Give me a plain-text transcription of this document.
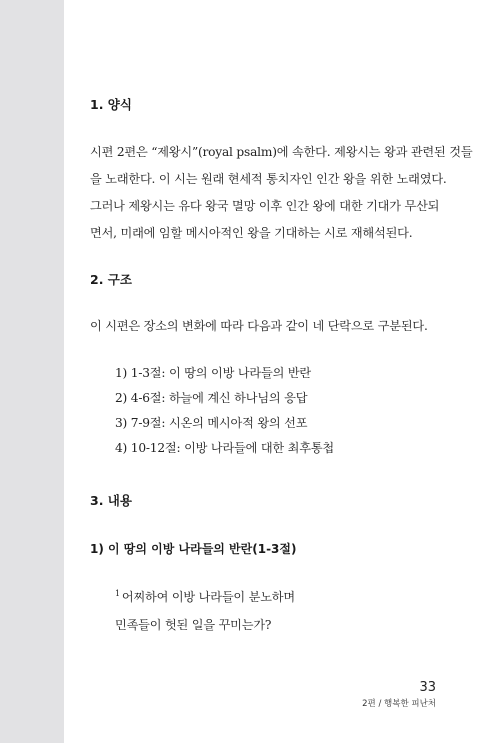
1. 양식
시편 2편은 “제왕시”(royal psalm)에 속한다. 제왕시는 왕과 관련된 것들
을 노래한다. 이 시는 원래 현세적 통치자인 인간 왕을 위한 노래였다.
그러나 제왕시는 유다 왕국 멸망 이후 인간 왕에 대한 기대가 무산되
면서, 미래에 임할 메시아적인 왕을 기대하는 시로 재해석된다.
2. 구조
이 시편은 장소의 변화에 따라 다음과 같이 네 단락으로 구분된다.
1) 1-3절: 이 땅의 이방 나라들의 반란
2) 4-6절: 하늘에 계신 하나님의 응답
3) 7-9절: 시온의 메시아적 왕의 선포
4) 10-12절: 이방 나라들에 대한 최후통첩
3. 내용
1) 이 땅의 이방 나라들의 반란(1-3절)
$^1$ 어찌하여 이방 나라들이 분노하며
민족들이 헛된 일을 꾸미는가?
33
2편 / 행복한 피난처
